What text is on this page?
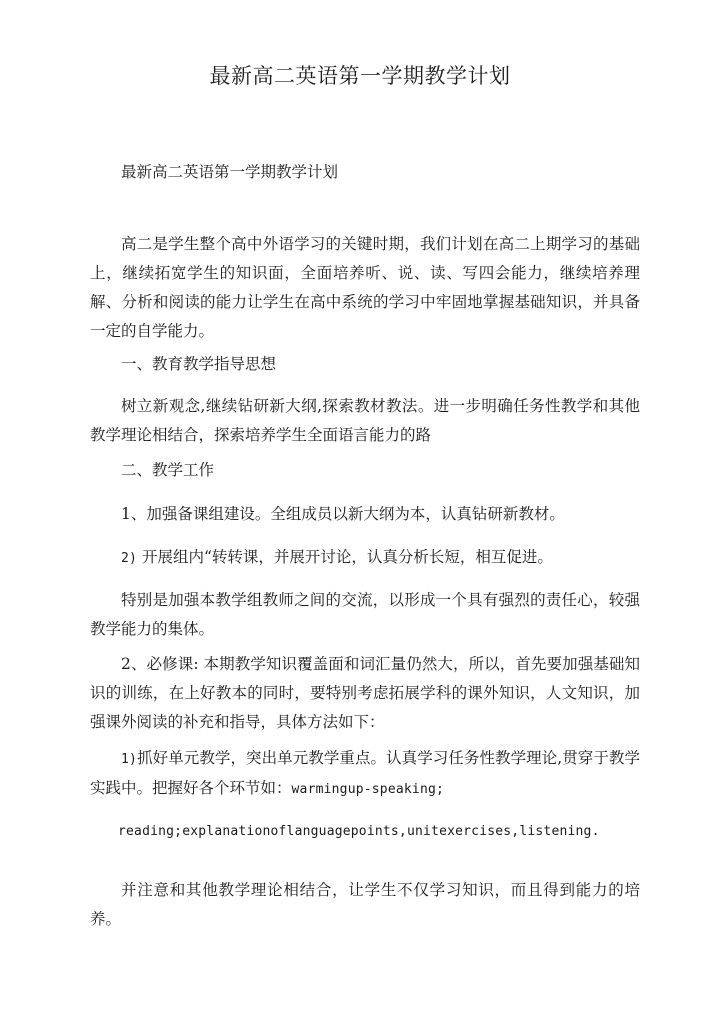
最新高二英语第一学期教学计划

最新高二英语第一学期教学计划

高二是学生整个高中外语学习的关键时期，我们计划在高二上期学习的基础上，继续拓宽学生的知识面，全面培养听、说、读、写四会能力，继续培养理解、分析和阅读的能力让学生在高中系统的学习中牢固地掌握基础知识，并具备一定的自学能力。

一、教育教学指导思想

树立新观念,继续钻研新大纲,探索教材教法。进一步明确任务性教学和其他教学理论相结合，探索培养学生全面语言能力的路

二、教学工作

1、加强备课组建设。全组成员以新大纲为本，认真钻研新教材。

2) 开展组内“转转课，并展开讨论，认真分析长短，相互促进。

特别是加强本教学组教师之间的交流，以形成一个具有强烈的责任心，较强教学能力的集体。

2、必修课: 本期教学知识覆盖面和词汇量仍然大，所以，首先要加强基础知识的训练，在上好教本的同时，要特别考虑拓展学科的课外知识，人文知识，加强课外阅读的补充和指导，具体方法如下：

1)抓好单元教学，突出单元教学重点。认真学习任务性教学理论,贯穿于教学实践中。把握好各个环节如：warmingup-speaking;

reading;explanationoflanguagepoints,unitexercises,listening.

并注意和其他教学理论相结合，让学生不仅学习知识，而且得到能力的培养。
